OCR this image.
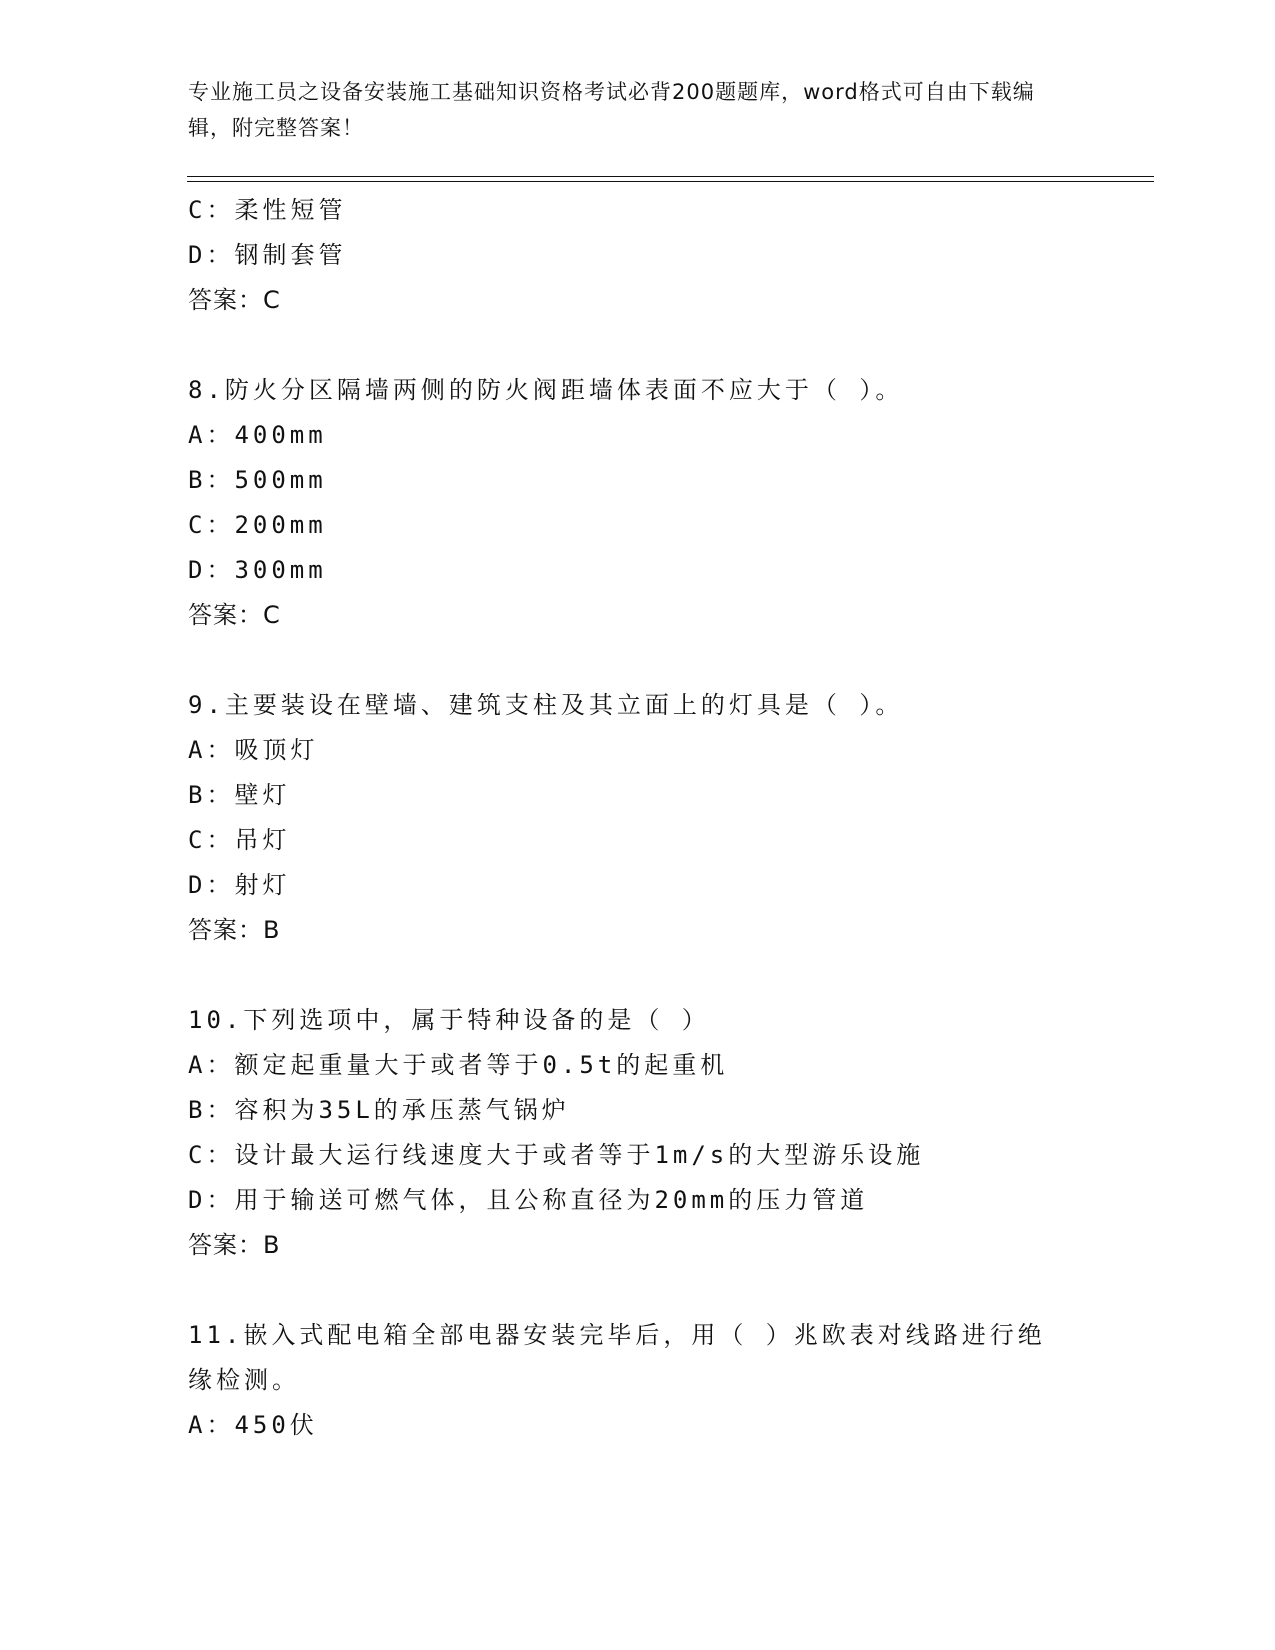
专业施工员之设备安装施工基础知识资格考试必背200题题库，word格式可自由下载编辑，附完整答案！
C：柔性短管
D：钢制套管
答案：C
8.防火分区隔墙两侧的防火阀距墙体表面不应大于（ ）。
A：400mm
B：500mm
C：200mm
D：300mm
答案：C
9.主要装设在壁墙、建筑支柱及其立面上的灯具是（ ）。
A：吸顶灯
B：壁灯
C：吊灯
D：射灯
答案：B
10.下列选项中，属于特种设备的是（ ）
A：额定起重量大于或者等于0.5t的起重机
B：容积为35L的承压蒸气锅炉
C：设计最大运行线速度大于或者等于1m/s的大型游乐设施
D：用于输送可燃气体，且公称直径为20mm的压力管道
答案：B
11.嵌入式配电箱全部电器安装完毕后，用（ ）兆欧表对线路进行绝
缘检测。
A：450伏
